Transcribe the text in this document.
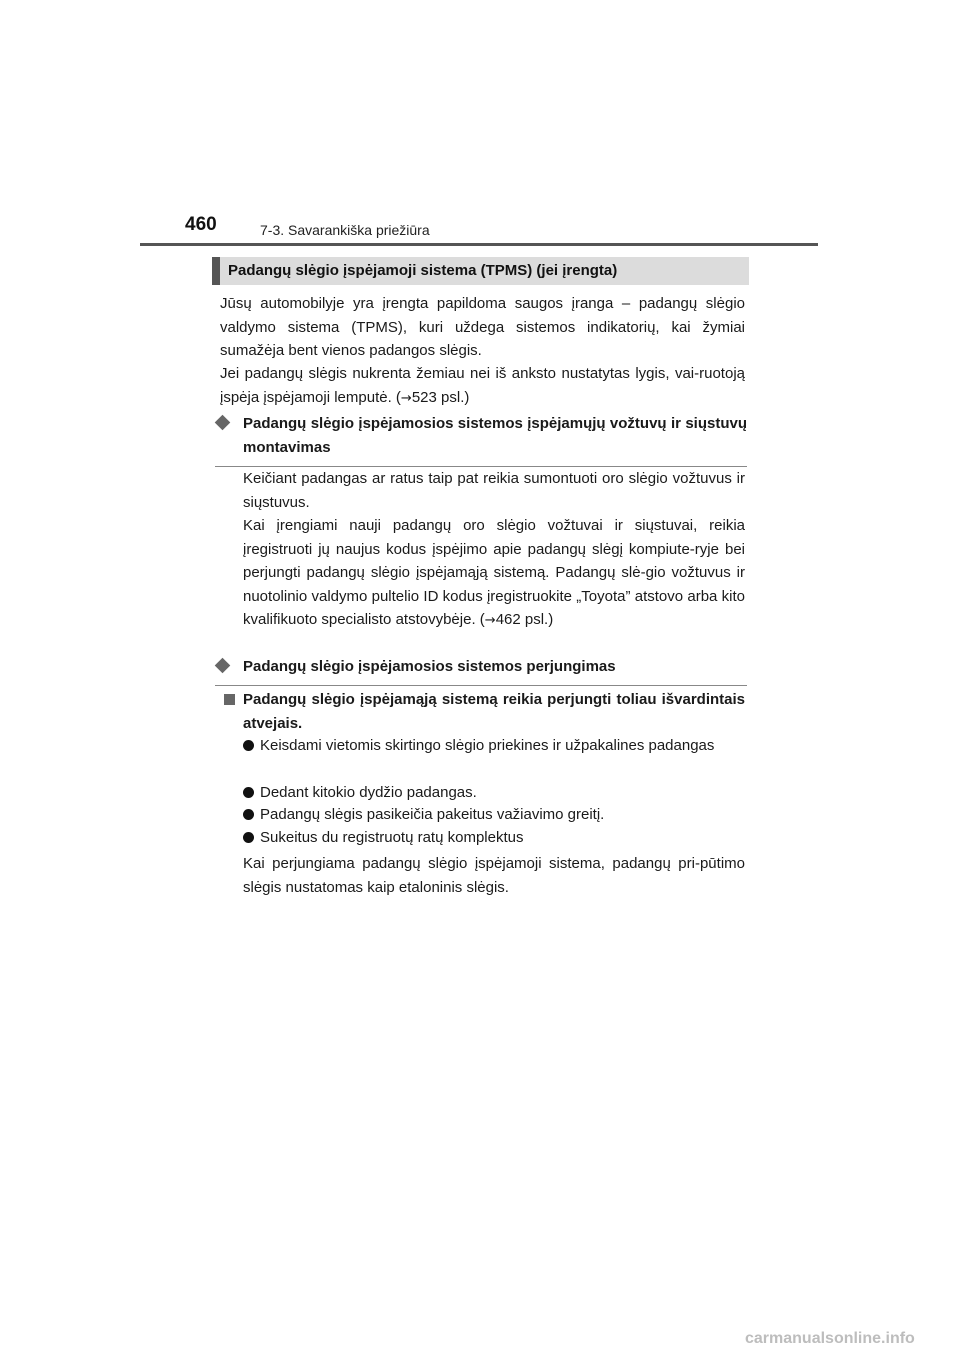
460	7-3. Savarankiška priežiūra
Padangų slėgio įspėjamoji sistema (TPMS) (jei įrengta)

Jūsų automobilyje yra įrengta papildoma saugos įranga – padangų slėgio valdymo sistema (TPMS), kuri uždega sistemos indikatorių, kai žymiai sumažėja bent vienos padangos slėgis.

Jei padangų slėgis nukrenta žemiau nei iš anksto nustatytas lygis, vai-ruotoją įspėja įspėjamoji lemputė. (→523 psl.)

Padangų slėgio įspėjamosios sistemos įspėjamųjų vožtuvų ir siųstuvų montavimas

Keičiant padangas ar ratus taip pat reikia sumontuoti oro slėgio vožtuvus ir siųstuvus.

Kai įrengiami nauji padangų oro slėgio vožtuvai ir siųstuvai, reikia įregistruoti jų naujus kodus įspėjimo apie padangų slėgį kompiute-ryje bei perjungti padangų slėgio įspėjamąją sistemą. Padangų slė-gio vožtuvus ir nuotolinio valdymo pultelio ID kodus įregistruokite „Toyota” atstovo arba kito kvalifikuoto specialisto atstovybėje. (→462 psl.)

Padangų slėgio įspėjamosios sistemos perjungimas
Padangų slėgio įspėjamąją sistemą reikia perjungti toliau išvardintais atvejais.
Keisdami vietomis skirtingo slėgio priekines ir užpakalines padangas
Dedant kitokio dydžio padangas.
Padangų slėgis pasikeičia pakeitus važiavimo greitį.
Sukeitus du registruotų ratų komplektus

Kai perjungiama padangų slėgio įspėjamoji sistema, padangų pri-pūtimo slėgis nustatomas kaip etaloninis slėgis.

carmanualsonline.info
